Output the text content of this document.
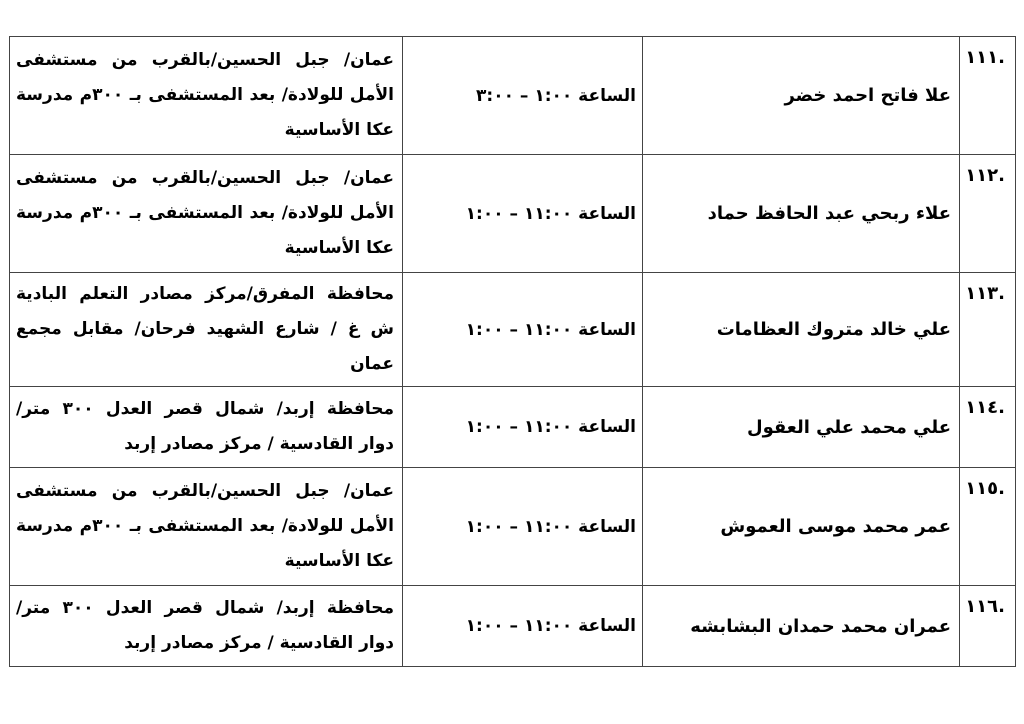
عمان/ جبل الحسين/بالقرب من مستشفى الأمل للولادة/ بعد المستشفى بـ ٣٠٠م مدرسة عكا الأساسية	الساعة ١:٠٠ – ٣:٠٠	علا فاتح احمد خضر	.١١١
عمان/ جبل الحسين/بالقرب من مستشفى الأمل للولادة/ بعد المستشفى بـ ٣٠٠م مدرسة عكا الأساسية	الساعة ١١:٠٠ – ١:٠٠	علاء ربحي عبد الحافظ حماد	.١١٢
محافظة المفرق/مركز مصادر التعلم البادية ش غ / شارع الشهيد فرحان/ مقابل مجمع عمان	الساعة ١١:٠٠ – ١:٠٠	علي خالد متروك العظامات	.١١٣
محافظة إربد/ شمال قصر العدل ٣٠٠ متر/ دوار القادسية / مركز مصادر إربد	الساعة ١١:٠٠ – ١:٠٠	علي محمد علي العقول	.١١٤
عمان/ جبل الحسين/بالقرب من مستشفى الأمل للولادة/ بعد المستشفى بـ ٣٠٠م مدرسة عكا الأساسية	الساعة ١١:٠٠ – ١:٠٠	عمر محمد موسى العموش	.١١٥
محافظة إربد/ شمال قصر العدل ٣٠٠ متر/ دوار القادسية / مركز مصادر إربد	الساعة ١١:٠٠ – ١:٠٠	عمران محمد حمدان البشابشه	.١١٦
